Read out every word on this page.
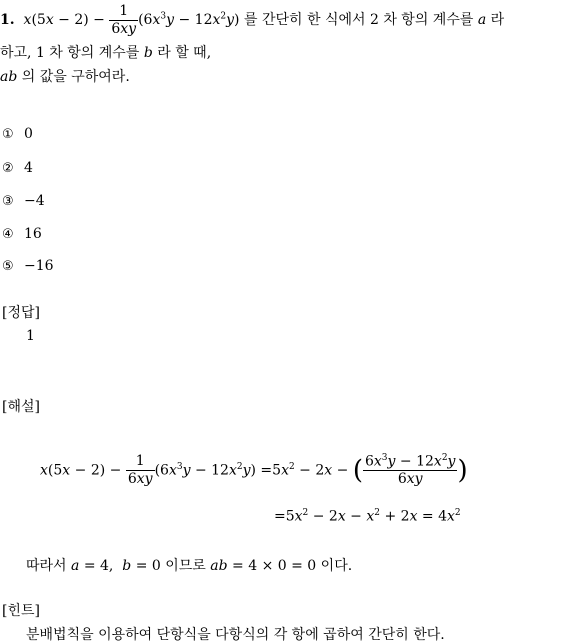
1. $x(5x - 2) - \frac{1}{6xy} (6x^3y - 12x^2y)$ 를 간단히 한 식에서 2 차 항의 계수를 a 라
하고, 1 차 항의 계수를 b 라 할 때,
ab 의 값을 구하여라.
① 0
② 4
③ −4
④ 16
⑤ −16
[정답]
1
[해설]
$x(5x - 2) - \frac{1}{6xy} (6x^3y - 12x^2y) =5x^2 - 2x$ − ( $\frac{6x^3y - 12x^2y}{6xy}$ )
$=5x^2 - 2x - x^2 + 2x = 4x^2$
따라서 a = 4,  b = 0 이므로 ab = 4 × 0 = 0 이다.
[힌트]
분배법칙을 이용하여 단항식을 다항식의 각 항에 곱하여 간단히 한다.
